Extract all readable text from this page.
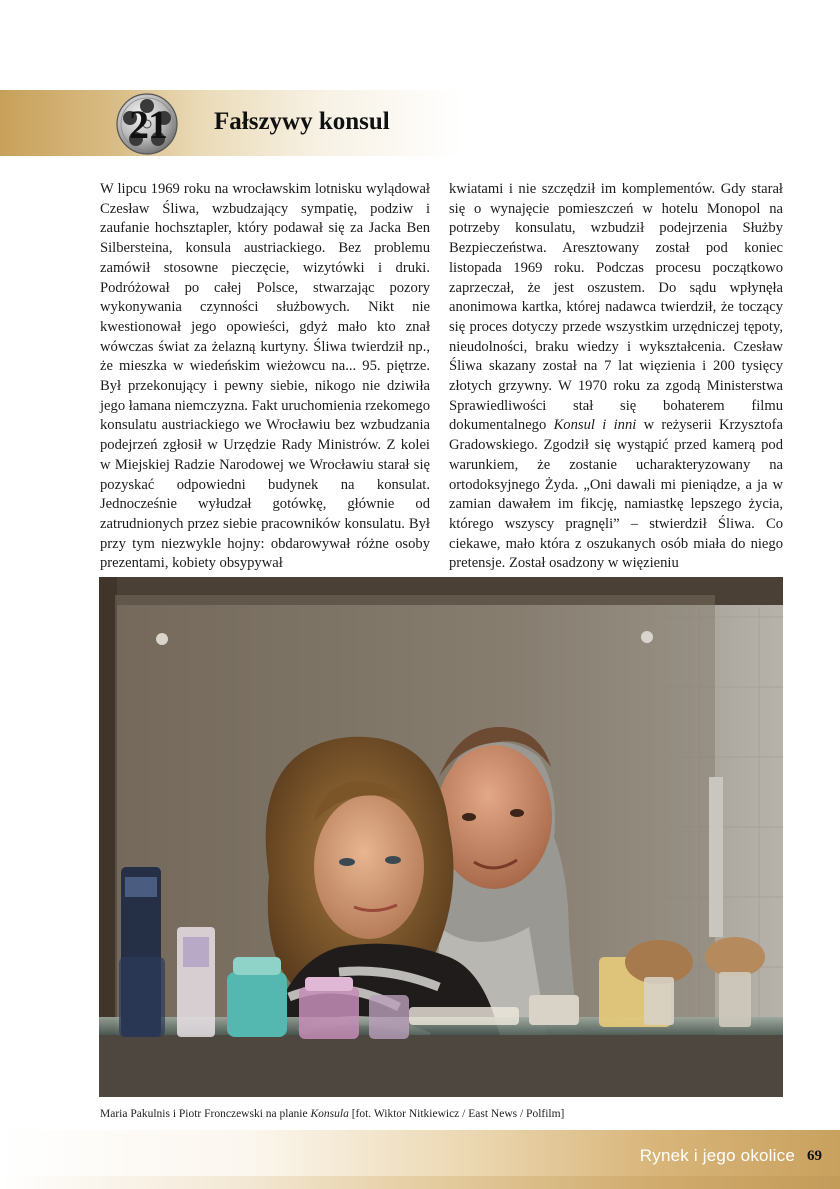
21	Fałszywy konsul

W lipcu 1969 roku na wrocławskim lotnisku wylądował Czesław Śliwa, wzbudzający sympatię, podziw i zaufanie hochsztapler, który podawał się za Jacka Ben Silbersteina, konsula austriackiego. Bez problemu zamówił stosowne pieczęcie, wizytówki i druki. Podróżował po całej Polsce, stwarzając pozory wykonywania czynności służbowych. Nikt nie kwestionował jego opowieści, gdyż mało kto znał wówczas świat za żelazną kurtyny. Śliwa twierdził np., że mieszka w wiedeńskim wieżowcu na... 95. piętrze. Był przekonujący i pewny siebie, nikogo nie dziwiła jego łamana niemczyzna. Fakt uruchomienia rzekomego konsulatu austriackiego we Wrocławiu bez wzbudzania podejrzeń zgłosił w Urzędzie Rady Ministrów. Z kolei w Miejskiej Radzie Narodowej we Wrocławiu starał się pozyskać odpowiedni budynek na konsulat. Jednocześnie wyłudzał gotówkę, głównie od zatrudnionych przez siebie pracowników konsulatu. Był przy tym niezwykle hojny: obdarowywał różne osoby prezentami, kobiety obsypywał

kwiatami i nie szczędził im komplementów. Gdy starał się o wynajęcie pomieszczeń w hotelu Monopol na potrzeby konsulatu, wzbudził podejrzenia Służby Bezpieczeństwa. Aresztowany został pod koniec listopada 1969 roku. Podczas procesu początkowo zaprzeczał, że jest oszustem. Do sądu wpłynęła anonimowa kartka, której nadawca twierdził, że toczący się proces dotyczy przede wszystkim urzędniczej tępoty, nieudolności, braku wiedzy i wykształcenia. Czesław Śliwa skazany został na 7 lat więzienia i 200 tysięcy złotych grzywny. W 1970 roku za zgodą Ministerstwa Sprawiedliwości stał się bohaterem filmu dokumentalnego Konsul i inni w reżyserii Krzysztofa Gradowskiego. Zgodził się wystąpić przed kamerą pod warunkiem, że zostanie ucharakteryzowany na ortodoksyjnego Żyda. „Oni dawali mi pieniądze, a ja w zamian dawałem im fikcję, namiastkę lepszego życia, którego wszyscy pragnęli” – stwierdził Śliwa. Co ciekawe, mało która z oszukanych osób miała do niego pretensje. Został osadzony w więzieniu

Maria Pakulnis i Piotr Fronczewski na planie Konsula [fot. Wiktor Nitkiewicz / East News / Polfilm]
Rynek i jego okolice 69
